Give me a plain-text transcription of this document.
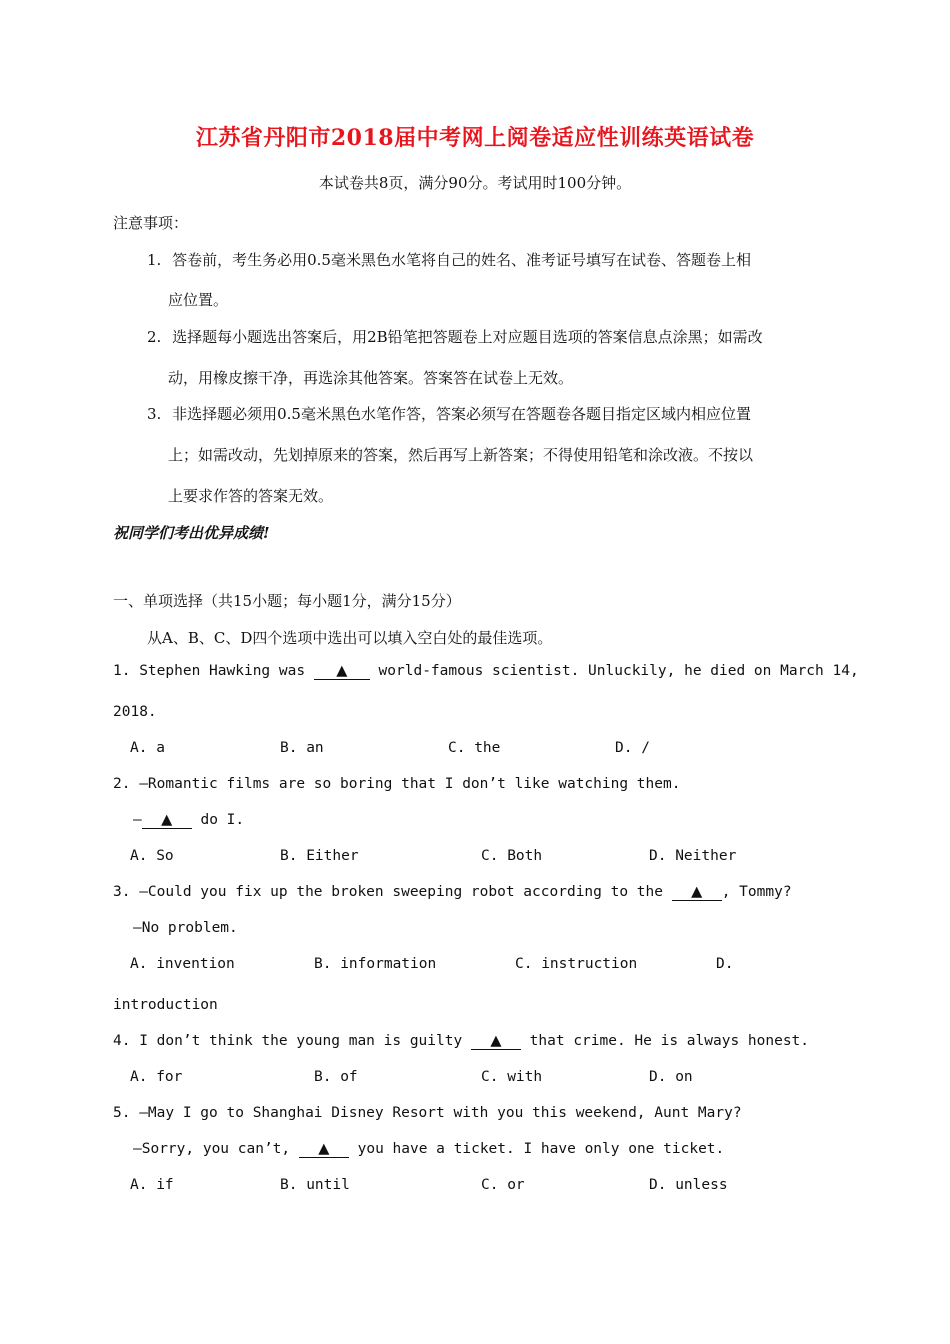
江苏省丹阳市2018届中考网上阅卷适应性训练英语试卷
本试卷共8页，满分90分。考试用时100分钟。
注意事项：
1. 答卷前，考生务必用0.5毫米黑色水笔将自己的姓名、准考证号填写在试卷、答题卷上相
应位置。
2. 选择题每小题选出答案后，用2B铅笔把答题卷上对应题目选项的答案信息点涂黑；如需改
动，用橡皮擦干净，再选涂其他答案。答案答在试卷上无效。
3. 非选择题必须用0.5毫米黑色水笔作答，答案必须写在答题卷各题目指定区域内相应位置
上；如需改动，先划掉原来的答案，然后再写上新答案；不得使用铅笔和涂改液。不按以
上要求作答的答案无效。
祝同学们考出优异成绩!
一、单项选择（共15小题；每小题1分，满分15分）
从A、B、C、D四个选项中选出可以填入空白处的最佳选项。
1. Stephen Hawking was ▲ world-famous scientist. Unluckily, he died on March 14,
2018.
A. a	B. an	C. the	D. /
2. —Romantic films are so boring that I don’t like watching them.
— ▲ do I.
A. So	B. Either	C. Both	D. Neither
3. —Could you fix up the broken sweeping robot according to the ▲ , Tommy?
—No problem.
A. invention	B. information	C. instruction	D.
introduction
4. I don’t think the young man is guilty ▲ that crime. He is always honest.
A. for	B. of	C. with	D. on
5. —May I go to Shanghai Disney Resort with you this weekend, Aunt Mary?
—Sorry, you can’t, ▲ you have a ticket. I have only one ticket.
A. if	B. until	C. or	D. unless
